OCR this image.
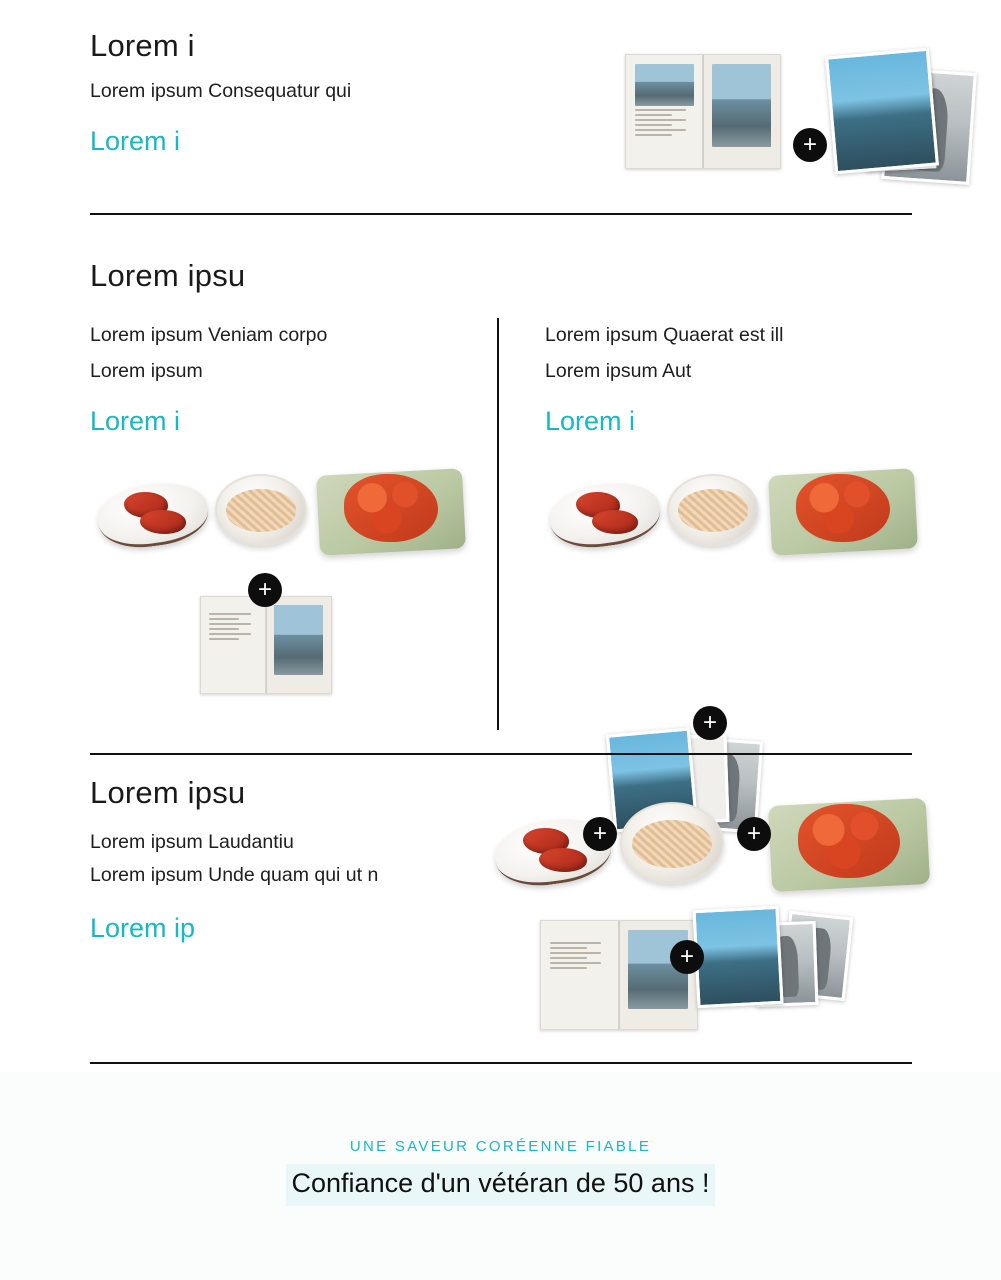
Lorem i
Lorem ipsum Consequatur qui
Lorem i	+
Lorem ipsu
Lorem ipsum Veniam corpo
Lorem ipsum
Lorem i
+
Lorem ipsum Quaerat est ill
Lorem ipsum Aut
Lorem i
+
Lorem ipsu
Lorem ipsum Laudantiu
Lorem ipsum Unde quam qui ut n
Lorem ip
+	+
+
UNE SAVEUR CORÉENNE FIABLE
Confiance d'un vétéran de 50 ans !
